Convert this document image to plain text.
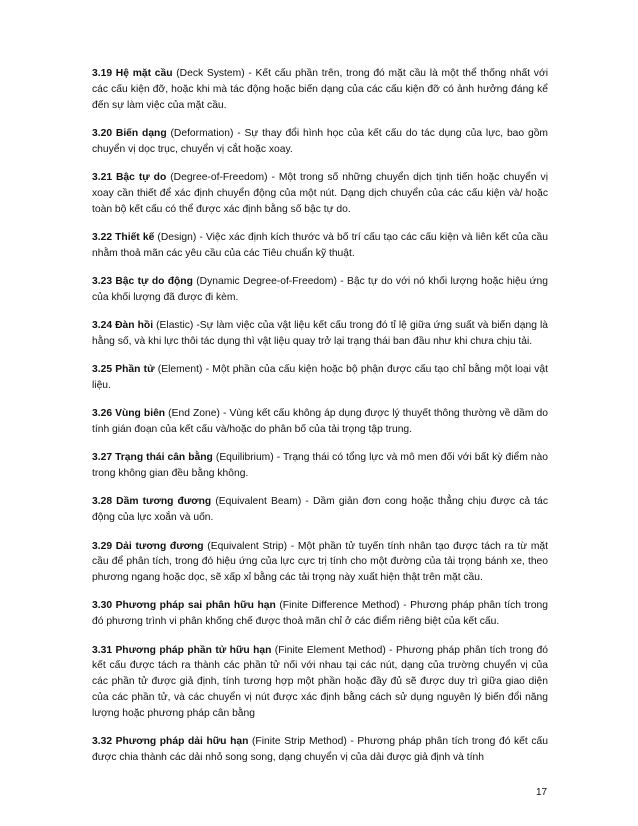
3.19 Hệ mặt cầu (Deck System) - Kết cấu phần trên, trong đó mặt cầu là một thể thống nhất với các cấu kiện đỡ, hoặc khi mà tác động hoặc biến dạng của các cấu kiện đỡ có ảnh hưởng đáng kể đến sự làm việc của mặt cầu.

3.20 Biến dạng (Deformation) - Sự thay đổi hình học của kết cấu do tác dụng của lực, bao gồm chuyển vị dọc trục, chuyển vị cắt hoặc xoay.

3.21 Bậc tự do (Degree-of-Freedom) - Một trong số những chuyển dịch tịnh tiến hoặc chuyển vị xoay cần thiết để xác định chuyển động của một nút. Dạng dịch chuyển của các cấu kiện và/ hoặc toàn bộ kết cấu có thể được xác định bằng số bậc tự do.

3.22 Thiết kế (Design) - Việc xác định kích thước và bố trí cấu tạo các cấu kiện và liên kết của cầu nhằm thoả mãn các yêu cầu của các Tiêu chuẩn kỹ thuật.

3.23 Bậc tự do động (Dynamic Degree-of-Freedom) - Bậc tự do với nó khối lượng hoặc hiệu ứng của khối lượng đã được đi kèm.

3.24 Đàn hồi (Elastic) -Sự làm việc của vật liệu kết cấu trong đó tỉ lệ giữa ứng suất và biến dạng là hằng số, và khi lực thôi tác dụng thì vật liệu quay trở lại trạng thái ban đầu như khi chưa chịu tải.

3.25 Phần tử (Element) - Một phần của cấu kiện hoặc bộ phận được cấu tạo chỉ bằng một loại vật liệu.

3.26 Vùng biên (End Zone) - Vùng kết cấu không áp dụng được lý thuyết thông thường về dầm do tính gián đoạn của kết cấu và/hoặc do phân bố của tải trọng tập trung.

3.27 Trạng thái cân bằng (Equilibrium) - Trạng thái có tổng lực và mô men đối với bất kỳ điểm nào trong không gian đều bằng không.

3.28 Dầm tương đương (Equivalent Beam) - Dầm giản đơn cong hoặc thẳng chịu được cả tác động của lực xoắn và uốn.

3.29 Dải tương đương (Equivalent Strip) - Một phần tử tuyến tính nhân tạo được tách ra từ mặt cầu để phân tích, trong đó hiệu ứng của lực cực trị tính cho một đường của tải trọng bánh xe, theo phương ngang hoặc dọc, sẽ xấp xỉ bằng các tải trọng này xuất hiện thật trên mặt cầu.

3.30 Phương pháp sai phân hữu hạn (Finite Difference Method) - Phương pháp phân tích trong đó phương trình vi phân khống chế được thoả mãn chỉ ở các điểm riêng biệt của kết cấu.

3.31 Phương pháp phần tử hữu hạn (Finite Element Method) - Phương pháp phân tích trong đó kết cấu được tách ra thành các phần tử nối với nhau tại các nút, dạng của trường chuyển vị của các phần tử được giả định, tính tương hợp một phần hoặc đầy đủ sẽ được duy trì giữa giao diện của các phần tử, và các chuyển vị nút được xác định bằng cách sử dụng nguyên lý biến đổi năng lượng hoặc phương pháp cân bằng

3.32 Phương pháp dải hữu hạn (Finite Strip Method) - Phương pháp phân tích trong đó kết cấu được chia thành các dải nhỏ song song, dạng chuyển vị của dải được giả định và tính

17
